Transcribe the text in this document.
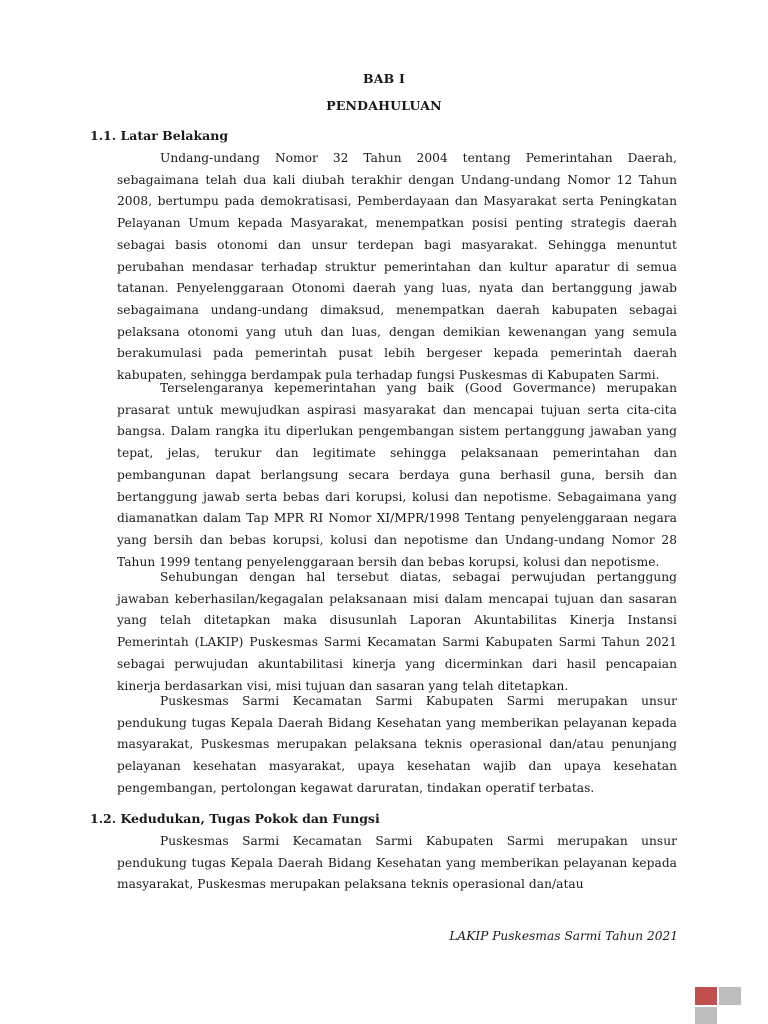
BAB I
PENDAHULUAN
1.1. Latar Belakang

Undang-undang Nomor 32 Tahun 2004 tentang Pemerintahan Daerah, sebagaimana telah dua kali diubah terakhir dengan Undang-undang Nomor 12 Tahun 2008, bertumpu pada demokratisasi, Pemberdayaan dan Masyarakat serta Peningkatan Pelayanan Umum kepada Masyarakat, menempatkan posisi penting strategis daerah sebagai basis otonomi dan unsur terdepan bagi masyarakat. Sehingga menuntut perubahan mendasar terhadap struktur pemerintahan dan kultur aparatur di semua tatanan. Penyelenggaraan Otonomi daerah yang luas, nyata dan bertanggung jawab sebagaimana undang-undang dimaksud, menempatkan daerah kabupaten sebagai pelaksana otonomi yang utuh dan luas, dengan demikian kewenangan yang semula berakumulasi pada pemerintah pusat lebih bergeser kepada pemerintah daerah kabupaten, sehingga berdampak pula terhadap fungsi Puskesmas di Kabupaten Sarmi.

Terselengaranya kepemerintahan yang baik (Good Govermance) merupakan prasarat untuk mewujudkan aspirasi masyarakat dan mencapai tujuan serta cita-cita bangsa. Dalam rangka itu diperlukan pengembangan sistem pertanggung jawaban yang tepat, jelas, terukur dan legitimate sehingga pelaksanaan pemerintahan dan pembangunan dapat berlangsung secara berdaya guna berhasil guna, bersih dan bertanggung jawab serta bebas dari korupsi, kolusi dan nepotisme. Sebagaimana yang diamanatkan dalam Tap MPR RI Nomor XI/MPR/1998 Tentang penyelenggaraan negara yang bersih dan bebas korupsi, kolusi dan nepotisme dan Undang-undang Nomor 28 Tahun 1999 tentang penyelenggaraan bersih dan bebas korupsi, kolusi dan nepotisme.

Sehubungan dengan hal tersebut diatas, sebagai perwujudan pertanggung jawaban keberhasilan/kegagalan pelaksanaan misi dalam mencapai tujuan dan sasaran yang telah ditetapkan maka disusunlah Laporan Akuntabilitas Kinerja Instansi Pemerintah (LAKIP) Puskesmas Sarmi Kecamatan Sarmi Kabupaten Sarmi Tahun 2021 sebagai perwujudan akuntabilitasi kinerja yang dicerminkan dari hasil pencapaian kinerja berdasarkan visi, misi tujuan dan sasaran yang telah ditetapkan.

Puskesmas Sarmi Kecamatan Sarmi Kabupaten Sarmi merupakan unsur pendukung tugas Kepala Daerah Bidang Kesehatan yang memberikan pelayanan kepada masyarakat, Puskesmas merupakan pelaksana teknis operasional dan/atau penunjang pelayanan kesehatan masyarakat, upaya kesehatan wajib dan upaya kesehatan pengembangan, pertolongan kegawat daruratan, tindakan operatif terbatas.

1.2. Kedudukan, Tugas Pokok dan Fungsi

Puskesmas Sarmi Kecamatan Sarmi Kabupaten Sarmi merupakan unsur pendukung tugas Kepala Daerah Bidang Kesehatan yang memberikan pelayanan kepada masyarakat, Puskesmas merupakan pelaksana teknis operasional dan/atau

LAKIP Puskesmas Sarmi Tahun 2021
